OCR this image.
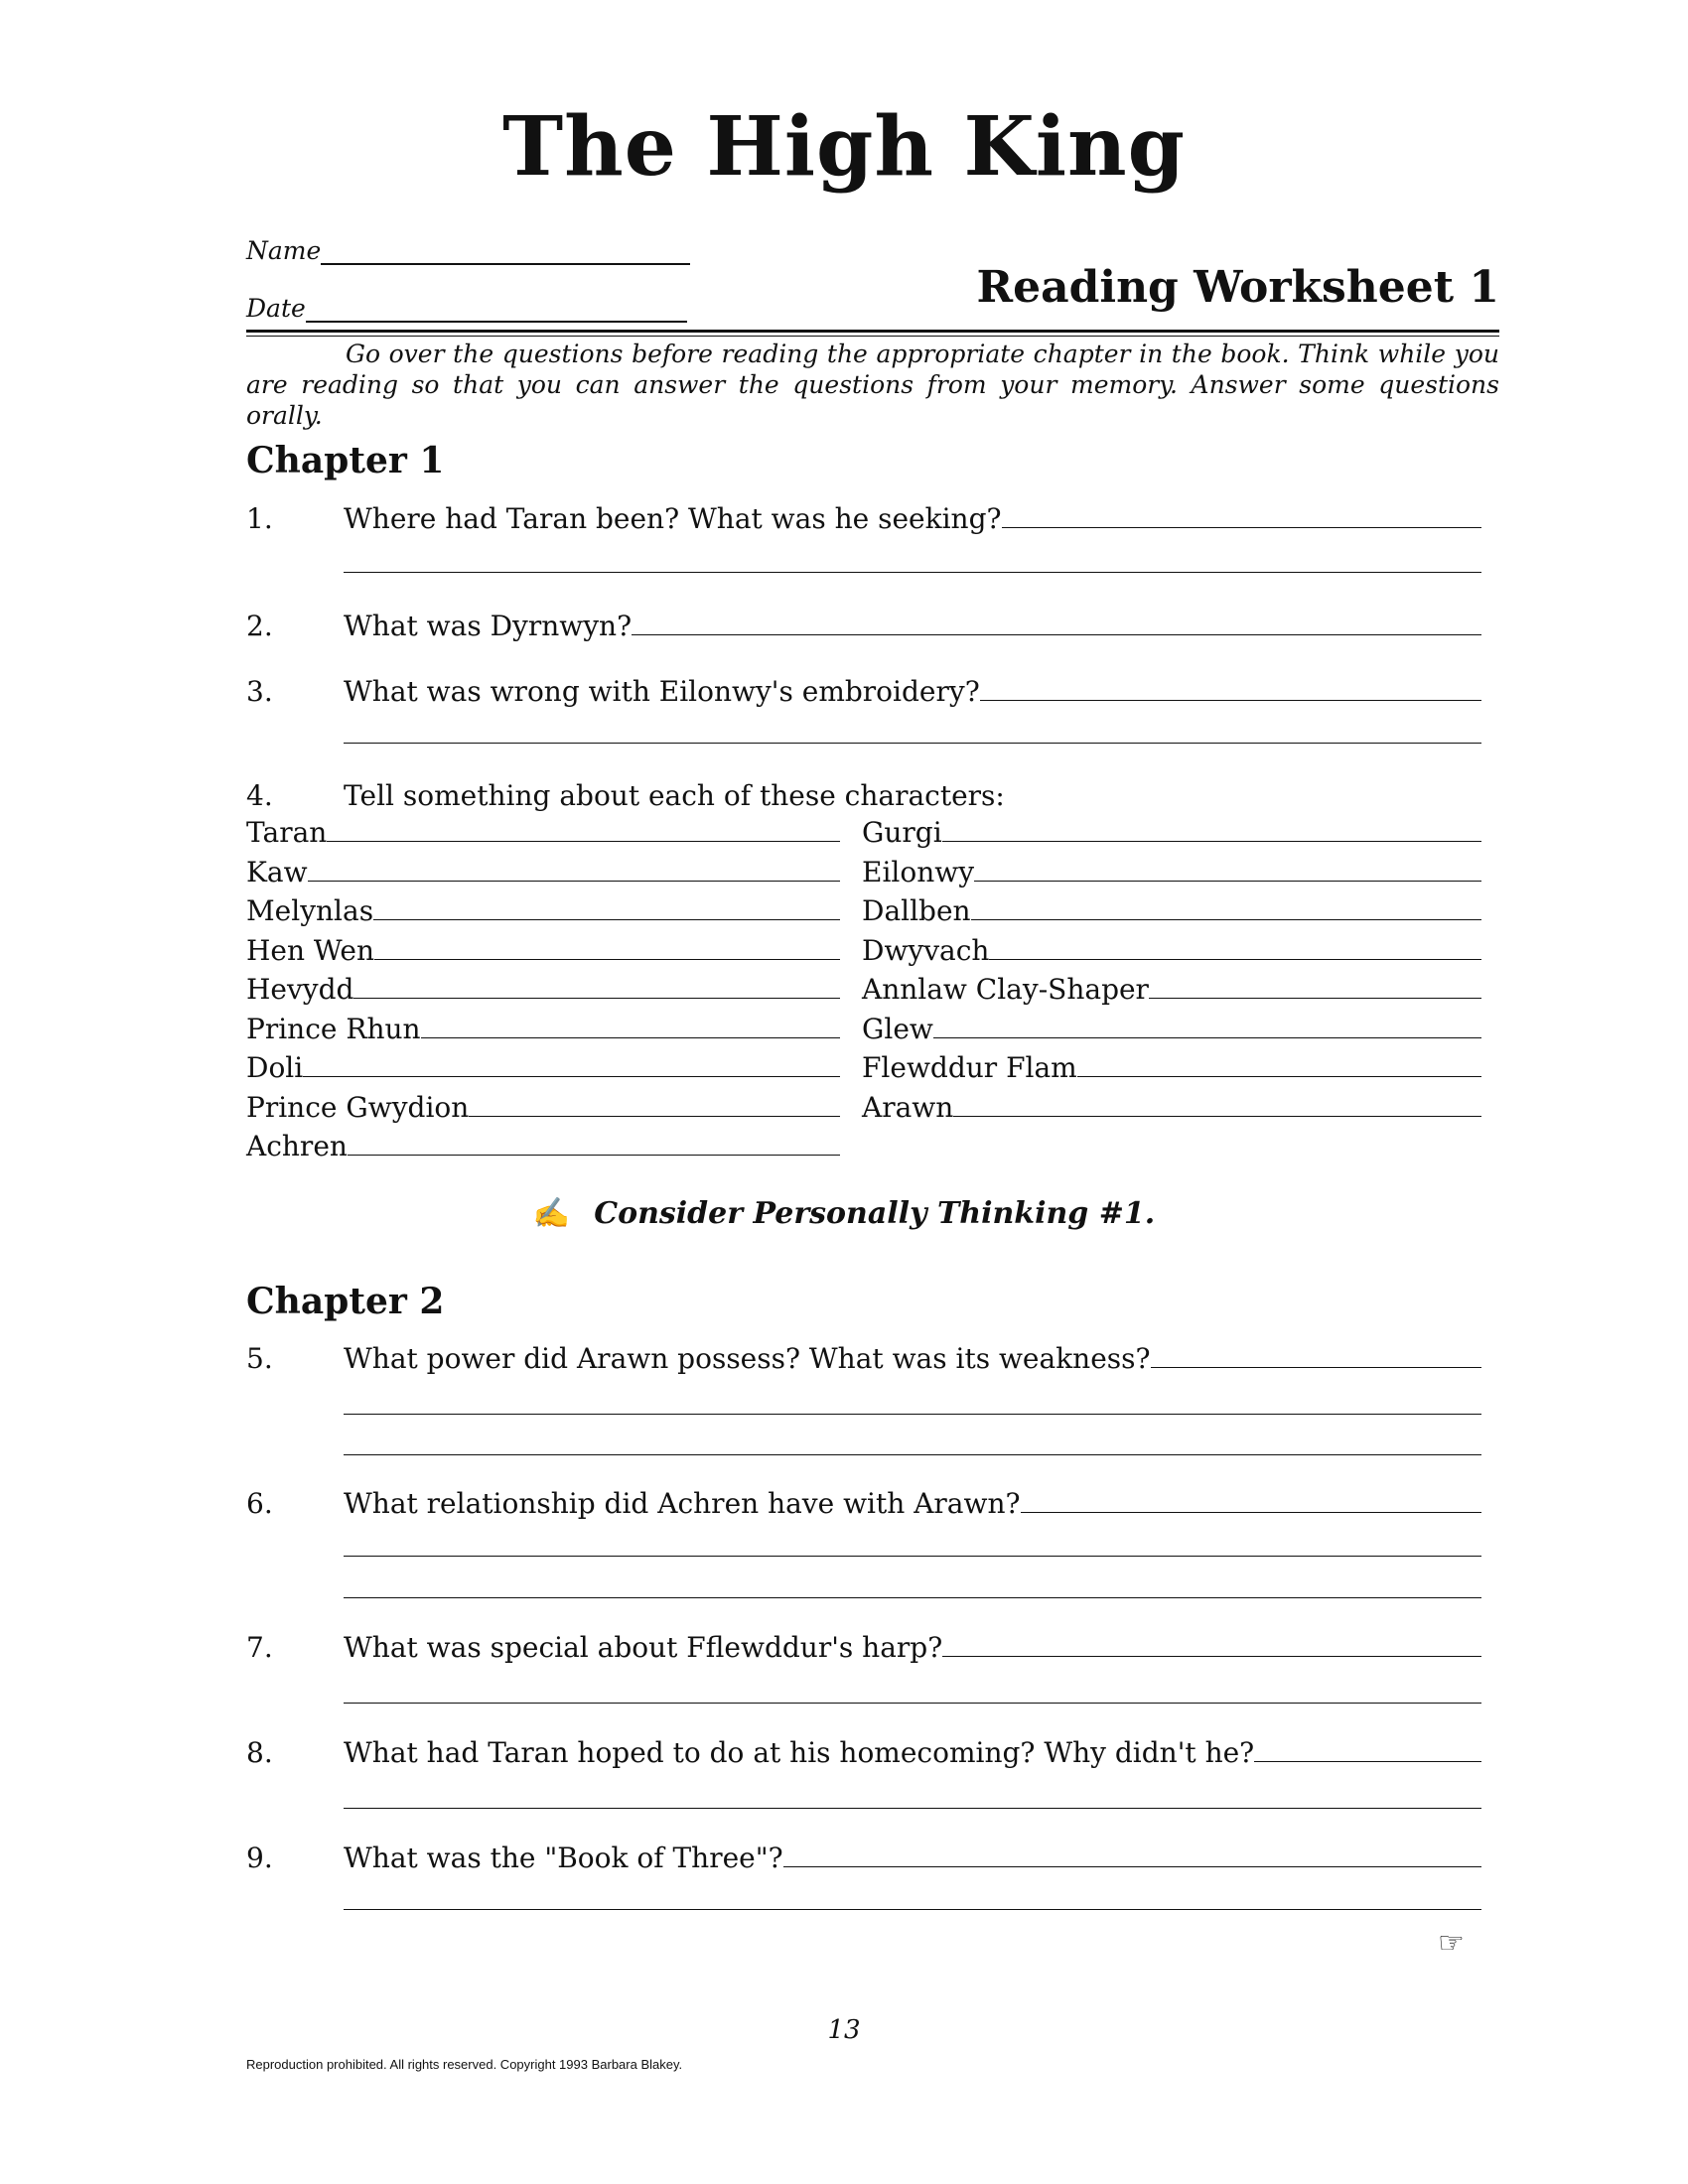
The High King
Name
Date	Reading Worksheet 1
Go over the questions before reading the appropriate chapter in the book. Think while you are reading so that you can answer the questions from your memory. Answer some questions orally.
Chapter 1
1.	Where had Taran been? What was he seeking?
2.	What was Dyrnwyn?
3.	What was wrong with Eilonwy's embroidery?
4.	Tell something about each of these characters:
Taran
Kaw
Melynlas
Hen Wen
Hevydd
Prince Rhun
Doli
Prince Gwydion
Achren
Gurgi
Eilonwy
Dallben
Dwyvach
Annlaw Clay-Shaper
Glew
Flewddur Flam
Arawn
✍ Consider Personally Thinking #1.
Chapter 2
5.	What power did Arawn possess? What was its weakness?
6.	What relationship did Achren have with Arawn?
7.	What was special about Fflewddur's harp?
8.	What had Taran hoped to do at his homecoming? Why didn't he?
9.	What was the "Book of Three"?
☞
13
Reproduction prohibited. All rights reserved. Copyright 1993 Barbara Blakey.
